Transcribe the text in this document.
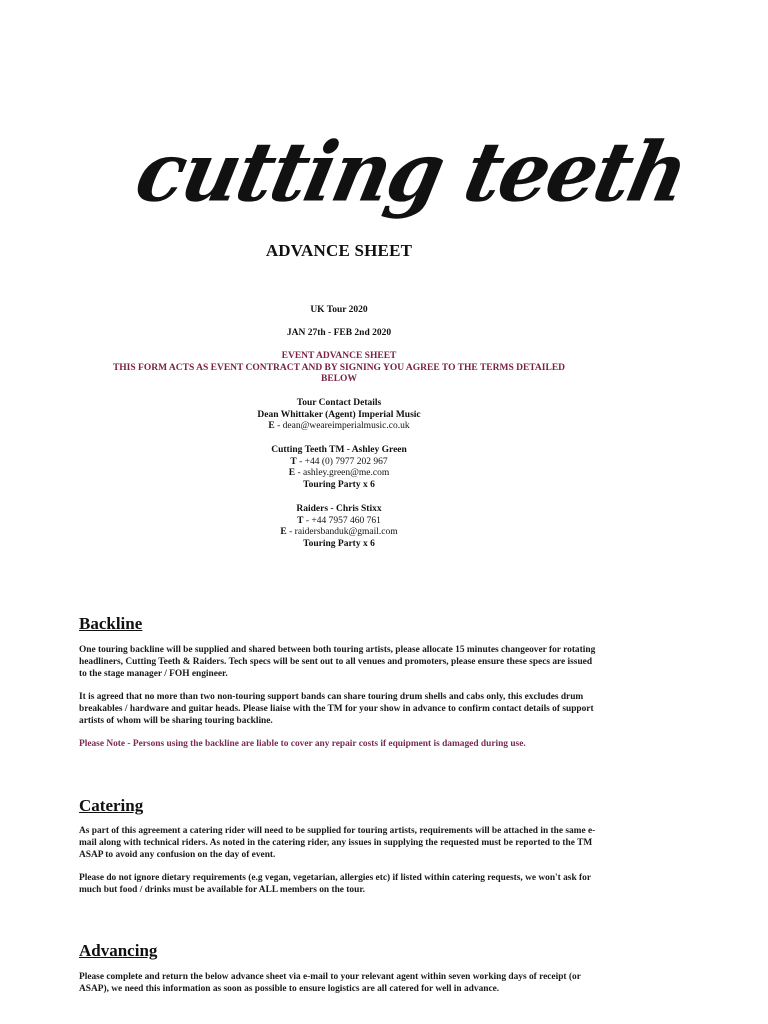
cutting teeth
ADVANCE SHEET
UK Tour 2020
JAN 27th - FEB 2nd 2020
EVENT ADVANCE SHEET
THIS FORM ACTS AS EVENT CONTRACT AND BY SIGNING YOU AGREE TO THE TERMS DETAILED
BELOW
Tour Contact Details
Dean Whittaker (Agent) Imperial Music
E - dean@weareimperialmusic.co.uk
Cutting Teeth TM - Ashley Green
T - +44 (0) 7977 202 967
E - ashley.green@me.com
Touring Party x 6
Raiders - Chris Stixx
T - +44 7957 460 761
E - raidersbanduk@gmail.com
Touring Party x 6
Backline
One touring backline will be supplied and shared between both touring artists, please allocate 15 minutes changeover for rotating headliners, Cutting Teeth & Raiders. Tech specs will be sent out to all venues and promoters, please ensure these specs are issued to the stage manager / FOH engineer.
It is agreed that no more than two non-touring support bands can share touring drum shells and cabs only, this excludes drum breakables / hardware and guitar heads. Please liaise with the TM for your show in advance to confirm contact details of support artists of whom will be sharing touring backline.
Please Note - Persons using the backline are liable to cover any repair costs if equipment is damaged during use.
Catering
As part of this agreement a catering rider will need to be supplied for touring artists, requirements will be attached in the same e-mail along with technical riders. As noted in the catering rider, any issues in supplying the requested must be reported to the TM ASAP to avoid any confusion on the day of event.
Please do not ignore dietary requirements (e.g vegan, vegetarian, allergies etc) if listed within catering requests, we won't ask for much but food / drinks must be available for ALL members on the tour.
Advancing
Please complete and return the below advance sheet via e-mail to your relevant agent within seven working days of receipt (or ASAP), we need this information as soon as possible to ensure logistics are all catered for well in advance.
